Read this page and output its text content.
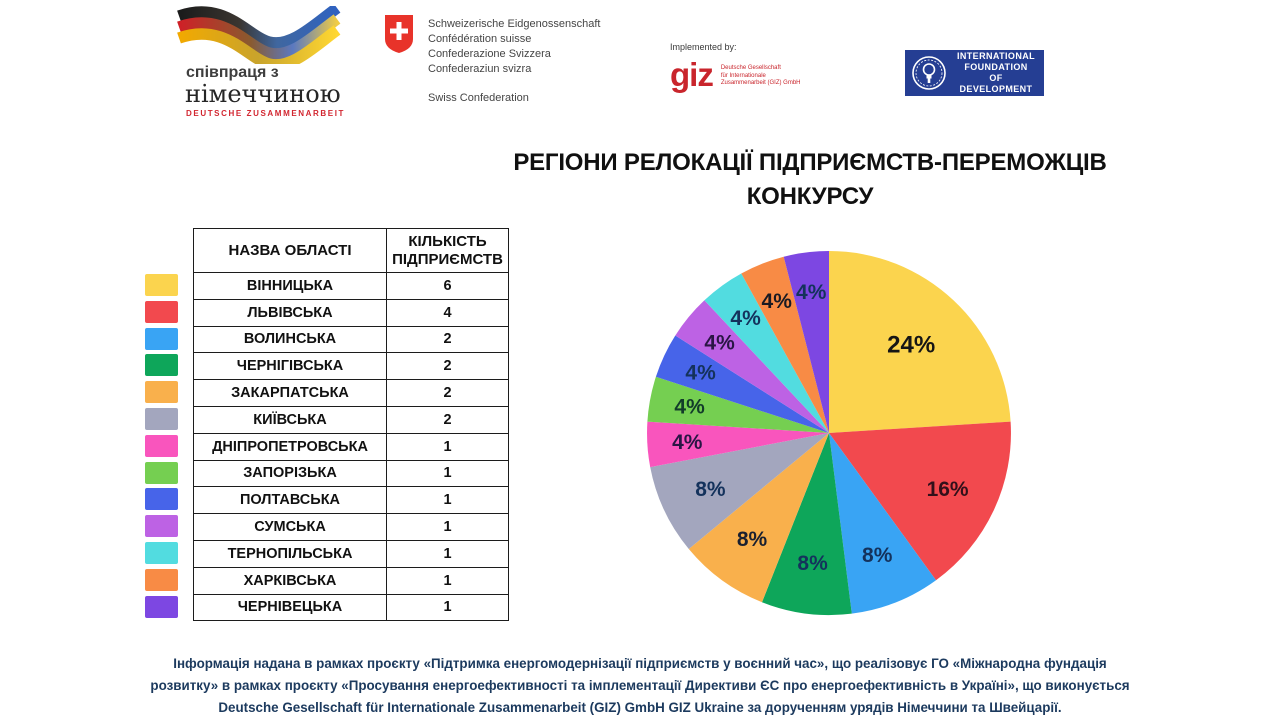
співпраця з
німеччиною
DEUTSCHE ZUSAMMENARBEIT
Schweizerische Eidgenossenschaft
Confédération suisse
Confederazione Svizzera
Confederaziun svizra
Swiss Confederation
Implemented by:
giz Deutsche Gesellschaft
für Internationale
Zusammenarbeit (GIZ) GmbH
INTERNATIONAL
FOUNDATION
OF DEVELOPMENT
РЕГІОНИ РЕЛОКАЦІЇ ПІДПРИЄМСТВ-ПЕРЕМОЖЦІВ
КОНКУРСУ
НАЗВА ОБЛАСТІ	КІЛЬКІСТЬ ПІДПРИЄМСТВ
ВІННИЦЬКА	6
ЛЬВІВСЬКА	4
ВОЛИНСЬКА	2
ЧЕРНІГІВСЬКА	2
ЗАКАРПАТСЬКА	2
КИЇВСЬКА	2
ДНІПРОПЕТРОВСЬКА	1
ЗАПОРІЗЬКА	1
ПОЛТАВСЬКА	1
СУМСЬКА	1
ТЕРНОПІЛЬСЬКА	1
ХАРКІВСЬКА	1
ЧЕРНІВЕЦЬКА	1
24%
16%
8%
8%
8%
8%
4%
4%
4%
4%
4%
4% 4%
Інформація надана в рамках проєкту «Підтримка енергомодернізації підприємств у воєнний час», що реалізовує ГО «Міжнародна фундація
розвитку» в рамках проєкту «Просування енергоефективності та імплементації Директиви ЄС про енергоефективність в Україні», що виконується
Deutsche Gesellschaft für Internationale Zusammenarbeit (GIZ) GmbH GIZ Ukraine за дорученням урядів Німеччини та Швейцарії.
